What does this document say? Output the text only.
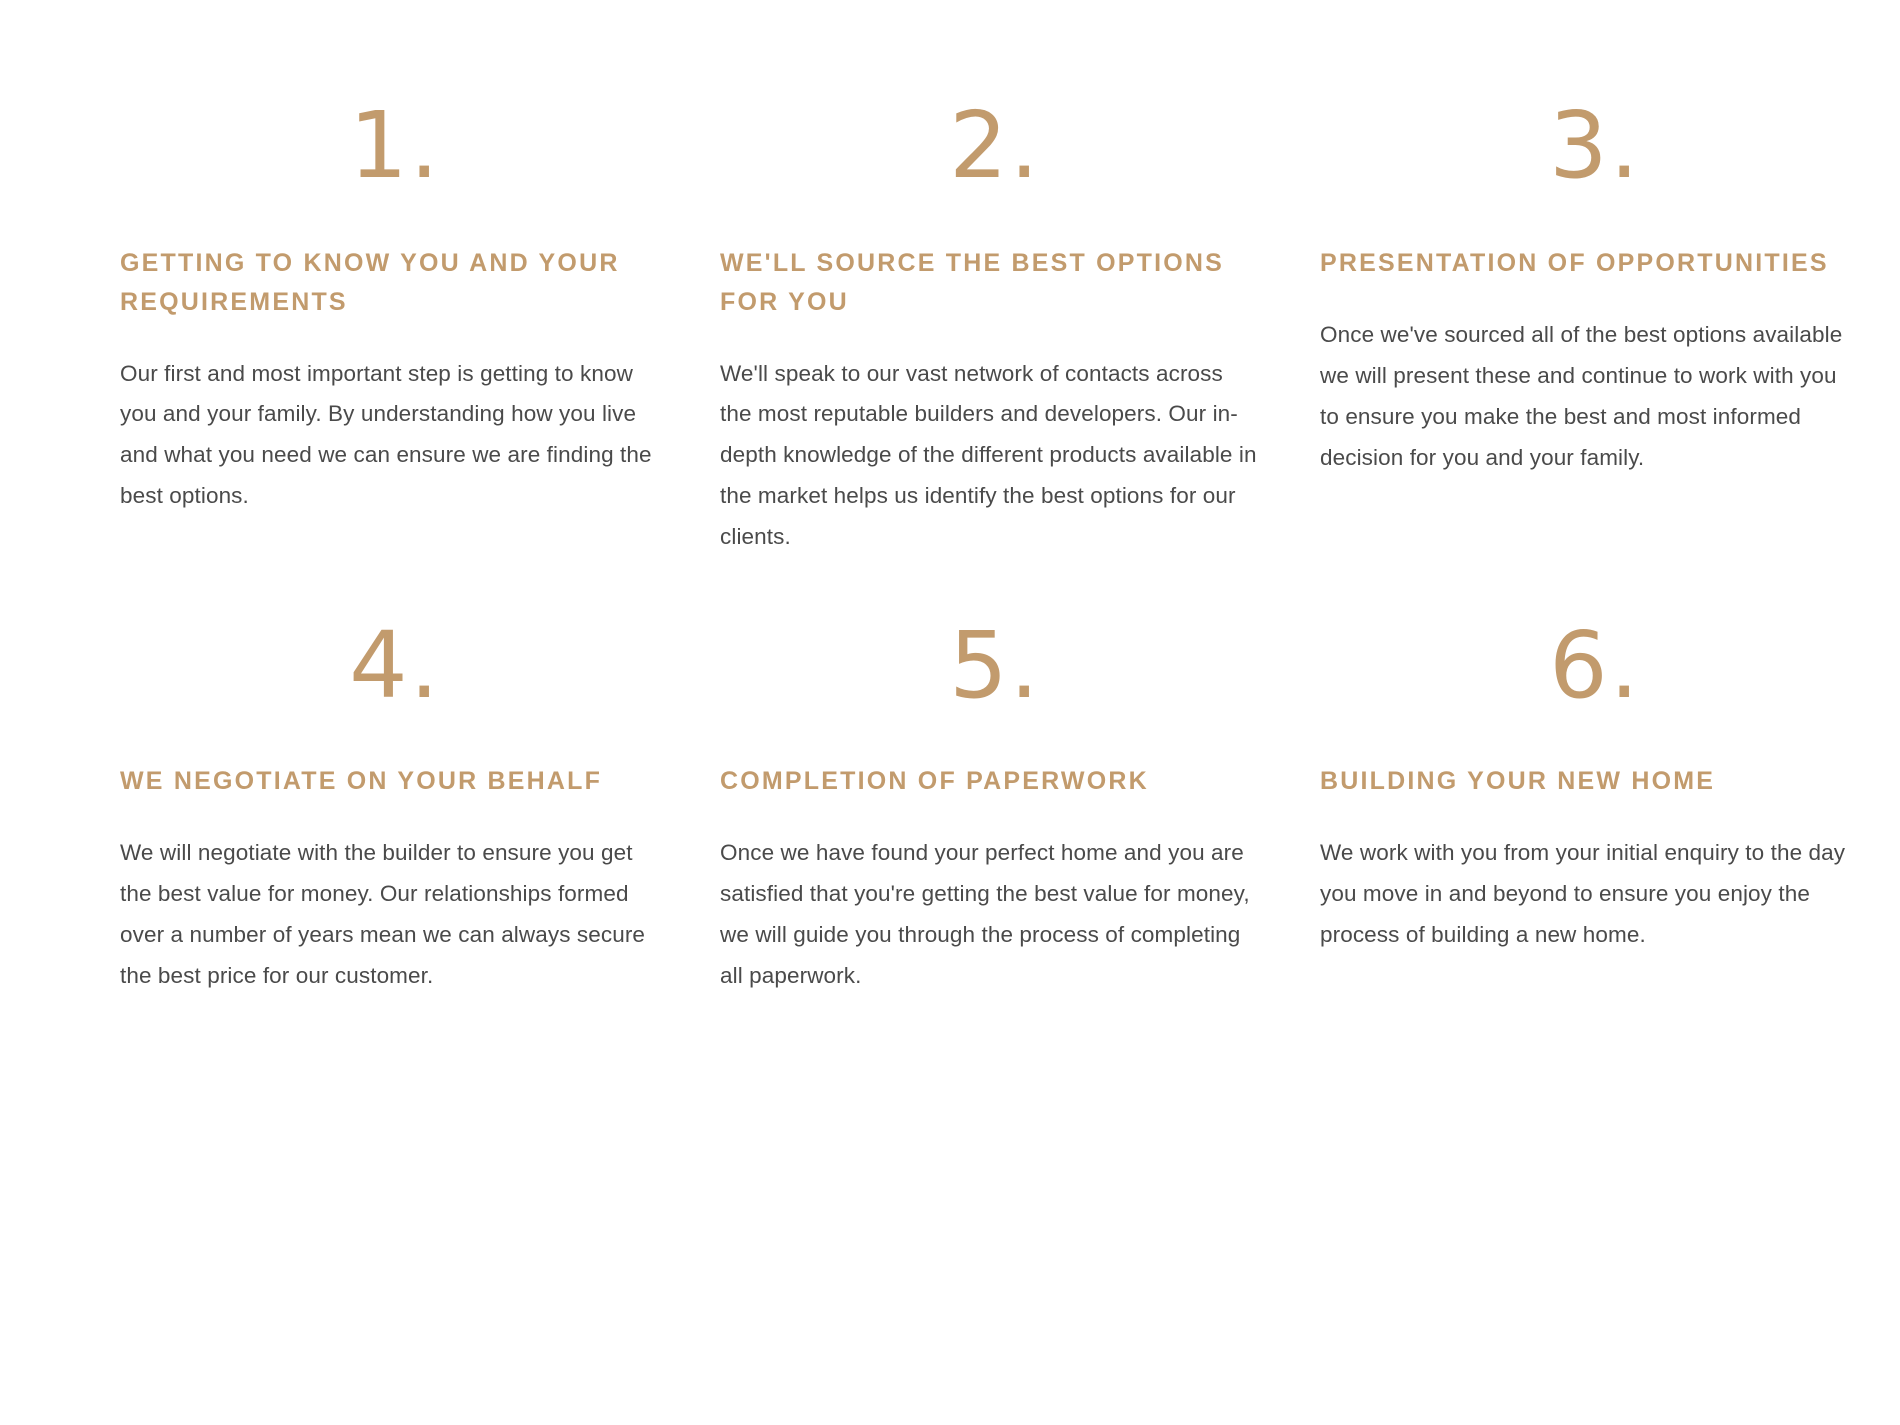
1.
GETTING TO KNOW YOU AND YOUR REQUIREMENTS

Our first and most important step is getting to know you and your family. By understanding how you live and what you need we can ensure we are finding the best options.

2.
WE'LL SOURCE THE BEST OPTIONS FOR YOU

We'll speak to our vast network of contacts across the most reputable builders and developers. Our in-depth knowledge of the different products available in the market helps us identify the best options for our clients.

3.
PRESENTATION OF OPPORTUNITIES

Once we've sourced all of the best options available we will present these and continue to work with you to ensure you make the best and most informed decision for you and your family.

4.
WE NEGOTIATE ON YOUR BEHALF

We will negotiate with the builder to ensure you get the best value for money. Our relationships formed over a number of years mean we can always secure the best price for our customer.

5.
COMPLETION OF PAPERWORK

Once we have found your perfect home and you are satisfied that you're getting the best value for money, we will guide you through the process of completing all paperwork.

6.
BUILDING YOUR NEW HOME

We work with you from your initial enquiry to the day you move in and beyond to ensure you enjoy the process of building a new home.
